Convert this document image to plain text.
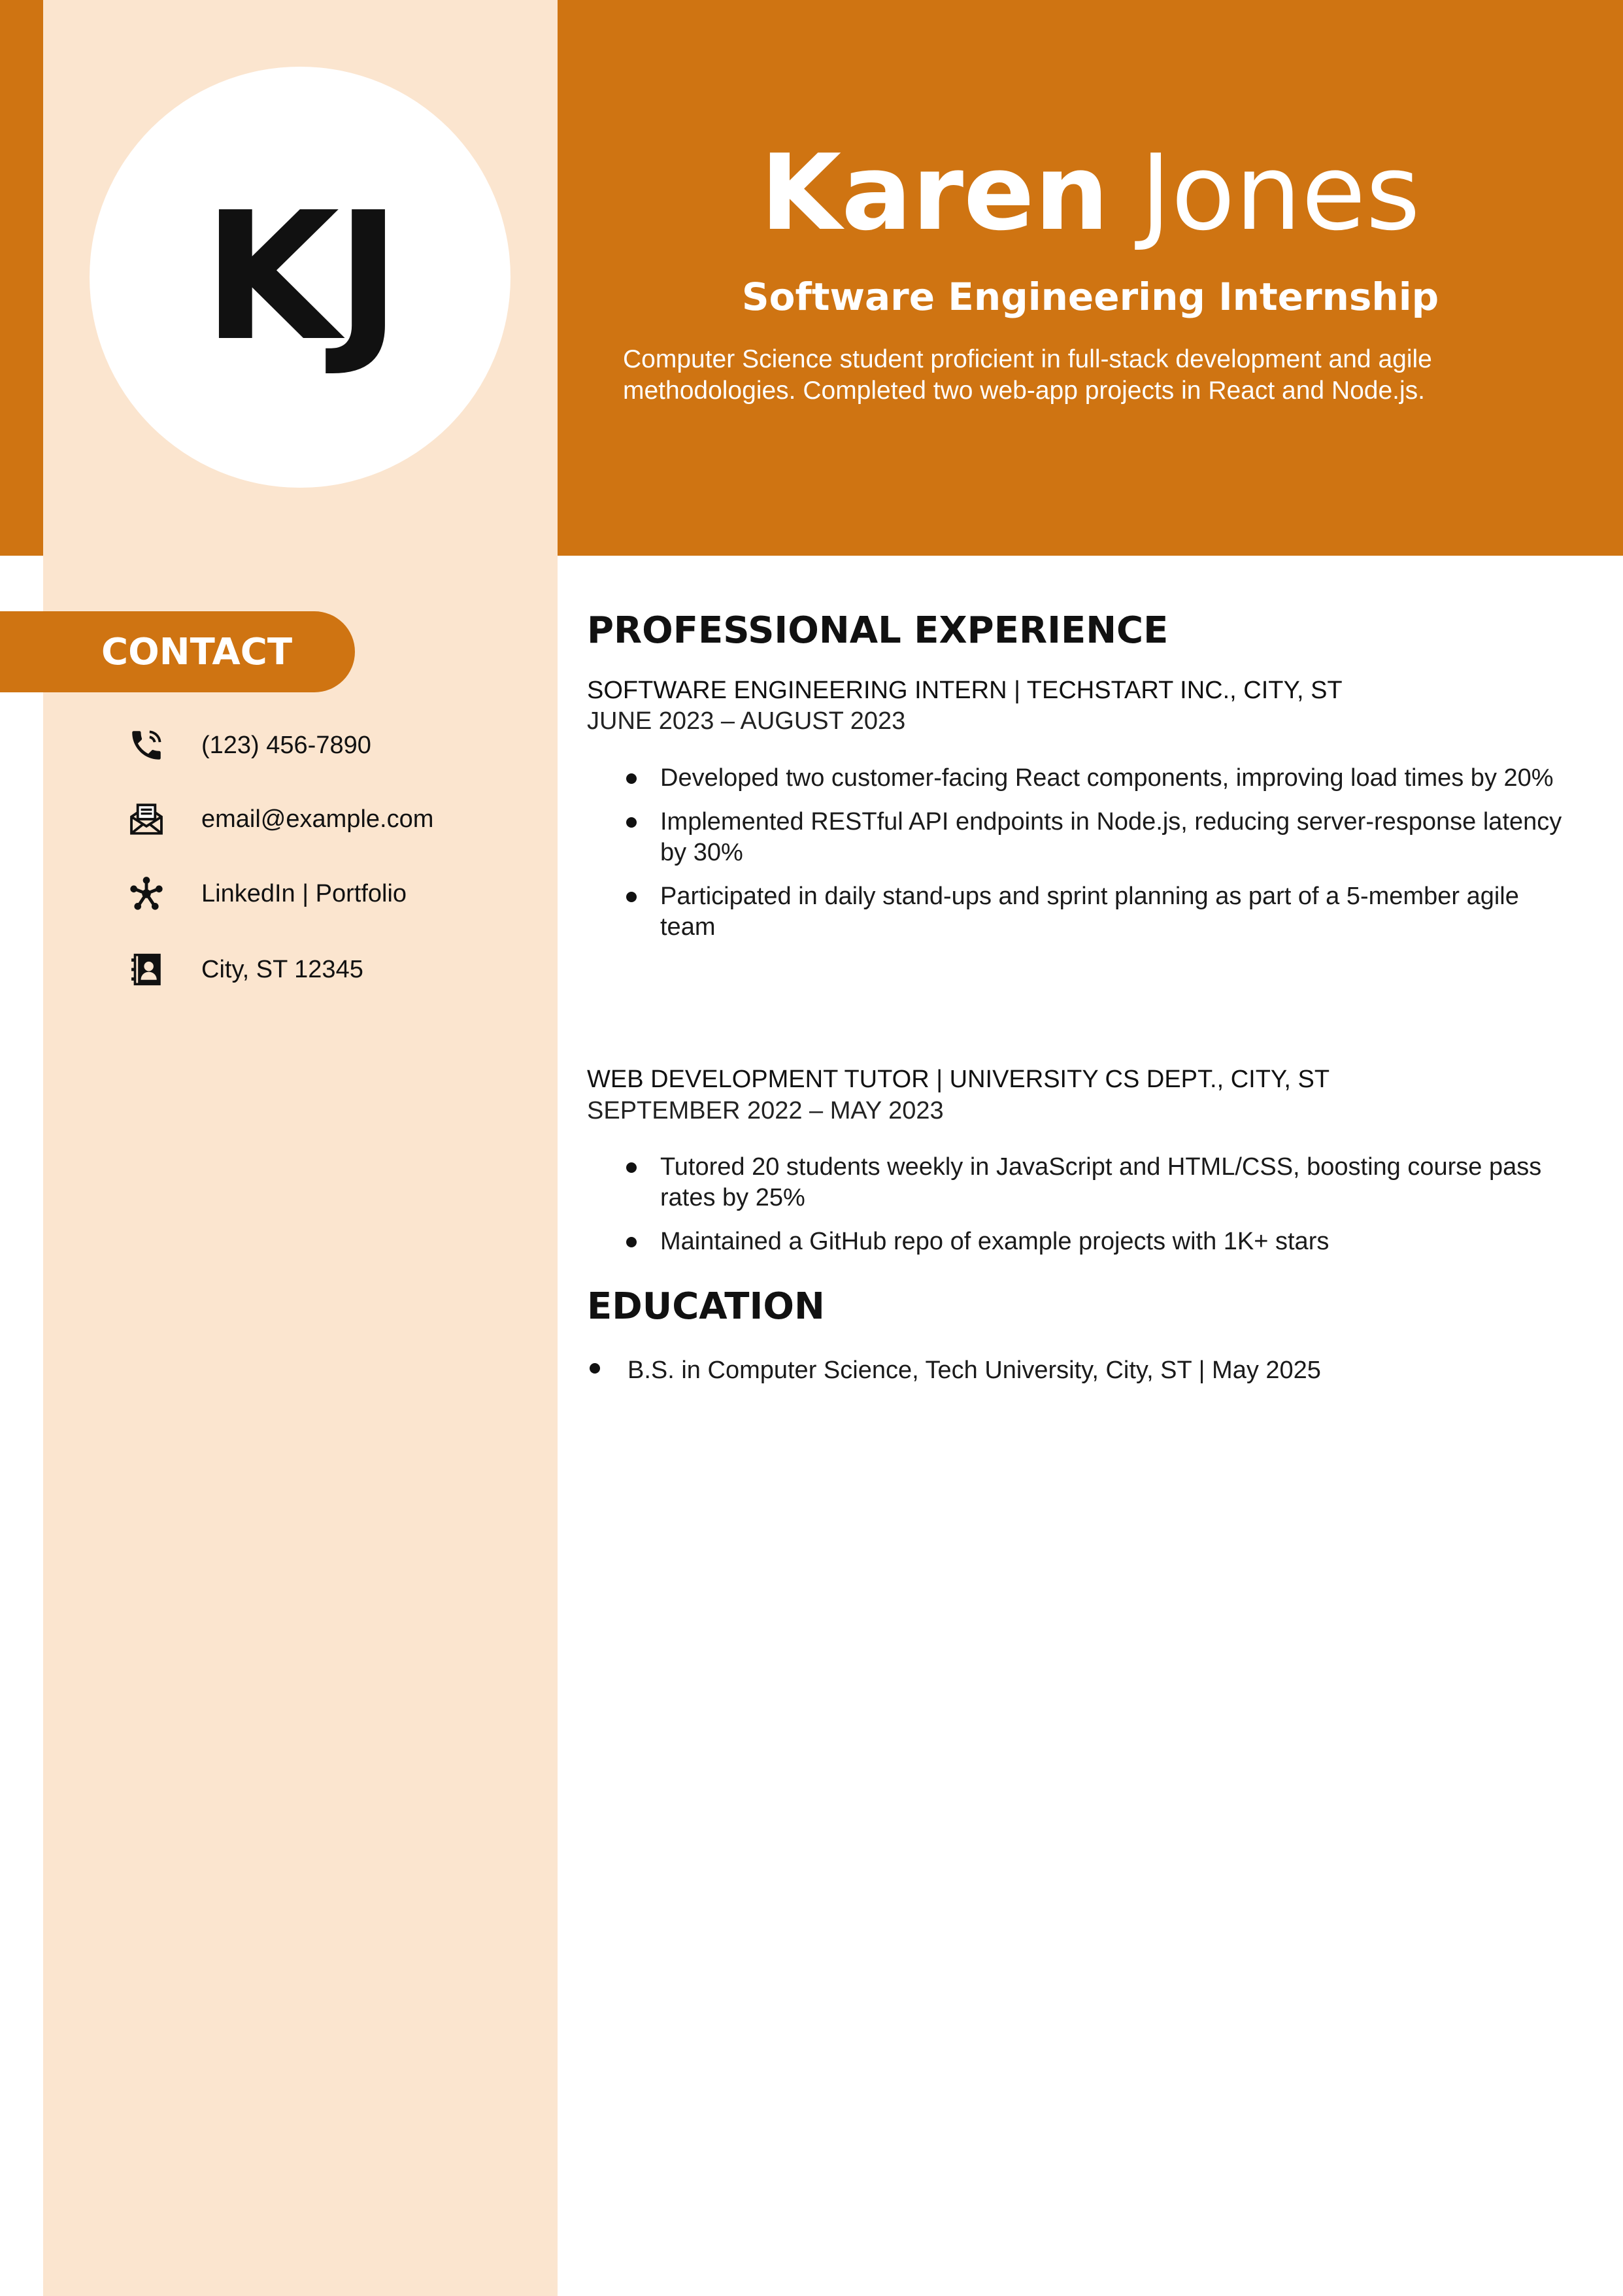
KJ	Karen Jones
Software Engineering Internship
Computer Science student proficient in full-stack development and agile methodologies. Completed two web-app projects in React and Node.js.
CONTACT
(123) 456-7890
email@example.com
LinkedIn | Portfolio
City, ST 12345
PROFESSIONAL EXPERIENCE
SOFTWARE ENGINEERING INTERN | TECHSTART INC., CITY, ST
JUNE 2023 – AUGUST 2023
Developed two customer-facing React components, improving load times by 20%
Implemented RESTful API endpoints in Node.js, reducing server-response latency by 30%
Participated in daily stand-ups and sprint planning as part of a 5-member agile team
WEB DEVELOPMENT TUTOR | UNIVERSITY CS DEPT., CITY, ST
SEPTEMBER 2022 – MAY 2023
Tutored 20 students weekly in JavaScript and HTML/CSS, boosting course pass rates by 25%
Maintained a GitHub repo of example projects with 1K+ stars
EDUCATION
B.S. in Computer Science, Tech University, City, ST | May 2025
